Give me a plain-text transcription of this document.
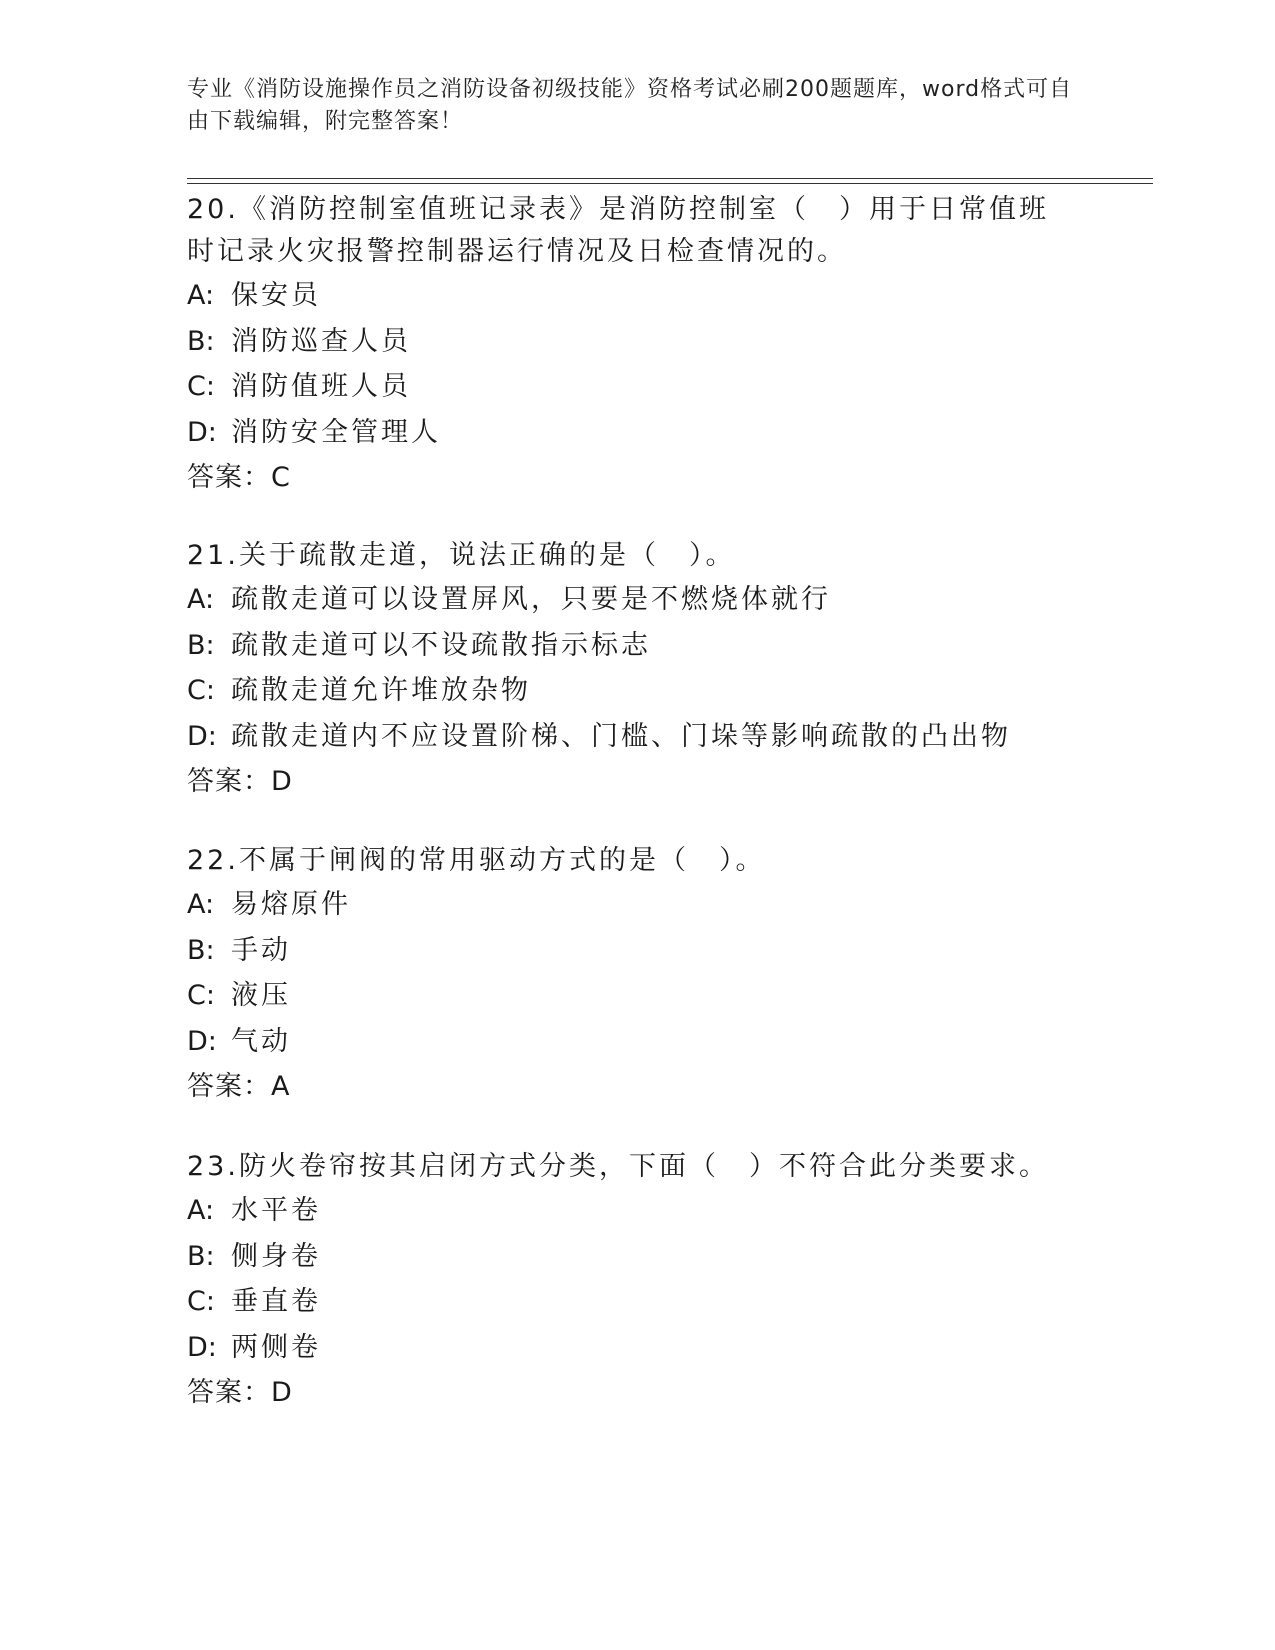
专业《消防设施操作员之消防设备初级技能》资格考试必刷200题题库，word格式可自由下载编辑，附完整答案！

20.《消防控制室值班记录表》是消防控制室（　）用于日常值班时记录火灾报警控制器运行情况及日检查情况的。

A: 保安员

B: 消防巡查人员

C: 消防值班人员

D: 消防安全管理人

答案：C

21.关于疏散走道，说法正确的是（　）。

A: 疏散走道可以设置屏风，只要是不燃烧体就行

B: 疏散走道可以不设疏散指示标志

C: 疏散走道允许堆放杂物

D: 疏散走道内不应设置阶梯、门槛、门垛等影响疏散的凸出物

答案：D

22.不属于闸阀的常用驱动方式的是（　）。

A: 易熔原件

B: 手动

C: 液压

D: 气动

答案：A

23.防火卷帘按其启闭方式分类，下面（　）不符合此分类要求。

A: 水平卷

B: 侧身卷

C: 垂直卷

D: 两侧卷

答案：D
